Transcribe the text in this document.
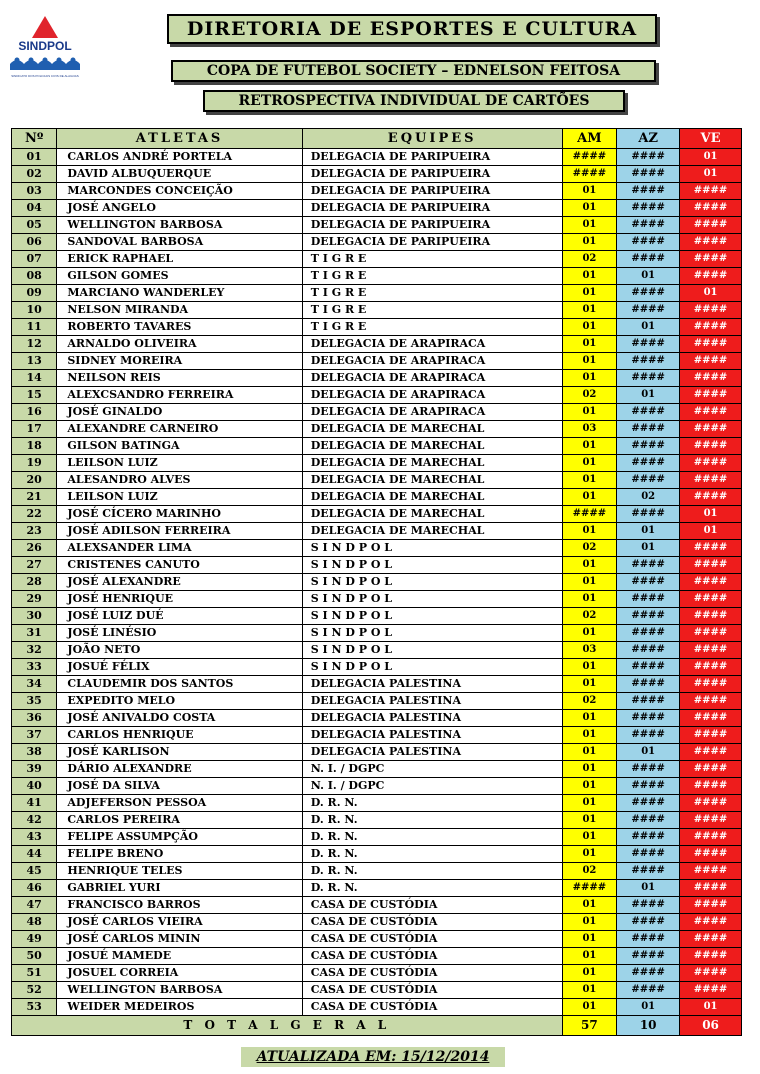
SINDPOL
SINDICATO DOS POLICIAIS CIVIS DE ALAGOAS
DIRETORIA DE ESPORTES E CULTURA
COPA DE FUTEBOL SOCIETY – EDNELSON FEITOSA
RETROSPECTIVA INDIVIDUAL DE CARTÕES
Nº	ATLETAS	EQUIPES	AM	AZ	VE
01	CARLOS ANDRÉ PORTELA	DELEGACIA DE PARIPUEIRA	####	####	01
02	DAVID ALBUQUERQUE	DELEGACIA DE PARIPUEIRA	####	####	01
03	MARCONDES CONCEIÇÃO	DELEGACIA DE PARIPUEIRA	01	####	####
04	JOSÉ ANGELO	DELEGACIA DE PARIPUEIRA	01	####	####
05	WELLINGTON BARBOSA	DELEGACIA DE PARIPUEIRA	01	####	####
06	SANDOVAL BARBOSA	DELEGACIA DE PARIPUEIRA	01	####	####
07	ERICK RAPHAEL	T I G R E	02	####	####
08	GILSON GOMES	T I G R E	01	01	####
09	MARCIANO WANDERLEY	T I G R E	01	####	01
10	NELSON MIRANDA	T I G R E	01	####	####
11	ROBERTO TAVARES	T I G R E	01	01	####
12	ARNALDO OLIVEIRA	DELEGACIA DE ARAPIRACA	01	####	####
13	SIDNEY MOREIRA	DELEGACIA DE ARAPIRACA	01	####	####
14	NEILSON REIS	DELEGACIA DE ARAPIRACA	01	####	####
15	ALEXCSANDRO FERREIRA	DELEGACIA DE ARAPIRACA	02	01	####
16	JOSÉ GINALDO	DELEGACIA DE ARAPIRACA	01	####	####
17	ALEXANDRE CARNEIRO	DELEGACIA DE MARECHAL	03	####	####
18	GILSON BATINGA	DELEGACIA DE MARECHAL	01	####	####
19	LEILSON LUIZ	DELEGACIA DE MARECHAL	01	####	####
20	ALESANDRO ALVES	DELEGACIA DE MARECHAL	01	####	####
21	LEILSON LUIZ	DELEGACIA DE MARECHAL	01	02	####
22	JOSÉ CÍCERO MARINHO	DELEGACIA DE MARECHAL	####	####	01
23	JOSÉ ADILSON FERREIRA	DELEGACIA DE MARECHAL	01	01	01
26	ALEXSANDER LIMA	S I N D P O L	02	01	####
27	CRISTENES CANUTO	S I N D P O L	01	####	####
28	JOSÉ ALEXANDRE	S I N D P O L	01	####	####
29	JOSÉ HENRIQUE	S I N D P O L	01	####	####
30	JOSÉ LUIZ DUÉ	S I N D P O L	02	####	####
31	JOSÉ LINÉSIO	S I N D P O L	01	####	####
32	JOÃO NETO	S I N D P O L	03	####	####
33	JOSUÉ FÉLIX	S I N D P O L	01	####	####
34	CLAUDEMIR DOS SANTOS	DELEGACIA PALESTINA	01	####	####
35	EXPEDITO MELO	DELEGACIA PALESTINA	02	####	####
36	JOSÉ ANIVALDO COSTA	DELEGACIA PALESTINA	01	####	####
37	CARLOS HENRIQUE	DELEGACIA PALESTINA	01	####	####
38	JOSÉ KARLISON	DELEGACIA PALESTINA	01	01	####
39	DÁRIO ALEXANDRE	N. I. / DGPC	01	####	####
40	JOSÉ DA SILVA	N. I. / DGPC	01	####	####
41	ADJEFERSON PESSOA	D. R. N.	01	####	####
42	CARLOS PEREIRA	D. R. N.	01	####	####
43	FELIPE ASSUMPÇÃO	D. R. N.	01	####	####
44	FELIPE BRENO	D. R. N.	01	####	####
45	HENRIQUE TELES	D. R. N.	02	####	####
46	GABRIEL YURI	D. R. N.	####	01	####
47	FRANCISCO BARROS	CASA DE CUSTÓDIA	01	####	####
48	JOSÉ CARLOS VIEIRA	CASA DE CUSTÓDIA	01	####	####
49	JOSÉ CARLOS MININ	CASA DE CUSTÓDIA	01	####	####
50	JOSUÉ MAMEDE	CASA DE CUSTÓDIA	01	####	####
51	JOSUEL CORREIA	CASA DE CUSTÓDIA	01	####	####
52	WELLINGTON BARBOSA	CASA DE CUSTÓDIA	01	####	####
53	WEIDER MEDEIROS	CASA DE CUSTÓDIA	01	01	01
T O T A L G E R A L			57	10	06
ATUALIZADA EM: 15/12/2014
